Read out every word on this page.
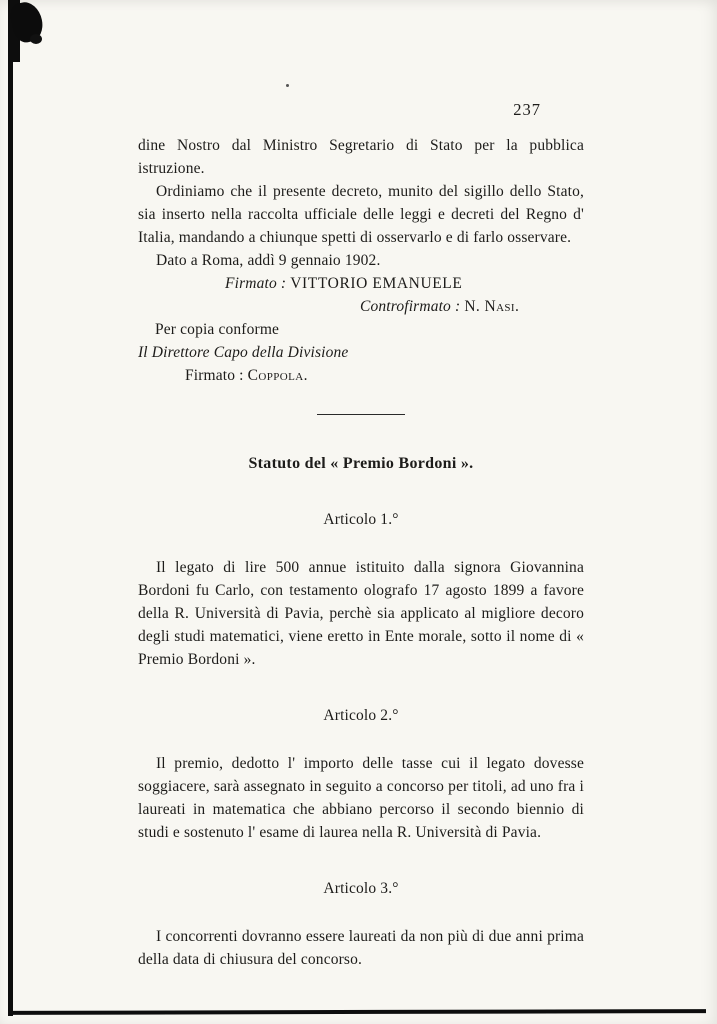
237

dine Nostro dal Ministro Segretario di Stato per la pubblica istruzione.

Ordiniamo che il presente decreto, munito del sigillo dello Stato, sia inserto nella raccolta ufficiale delle leggi e decreti del Regno d' Italia, mandando a chiunque spetti di osservarlo e di farlo osservare.

Dato a Roma, addì 9 gennaio 1902.

Firmato : VITTORIO EMANUELE

Controfirmato : N. Nasi.

Per copia conforme

Il Direttore Capo della Divisione

Firmato : Coppola.

Statuto del « Premio Bordoni ».

Articolo 1.°

Il legato di lire 500 annue istituito dalla signora Giovannina Bordoni fu Carlo, con testamento olografo 17 agosto 1899 a favore della R. Università di Pavia, perchè sia applicato al migliore decoro degli studi matematici, viene eretto in Ente morale, sotto il nome di « Premio Bordoni ».

Articolo 2.°

Il premio, dedotto l' importo delle tasse cui il legato dovesse soggiacere, sarà assegnato in seguito a concorso per titoli, ad uno fra i laureati in matematica che abbiano percorso il secondo biennio di studi e sostenuto l' esame di laurea nella R. Università di Pavia.

Articolo 3.°

I concorrenti dovranno essere laureati da non più di due anni prima della data di chiusura del concorso.
